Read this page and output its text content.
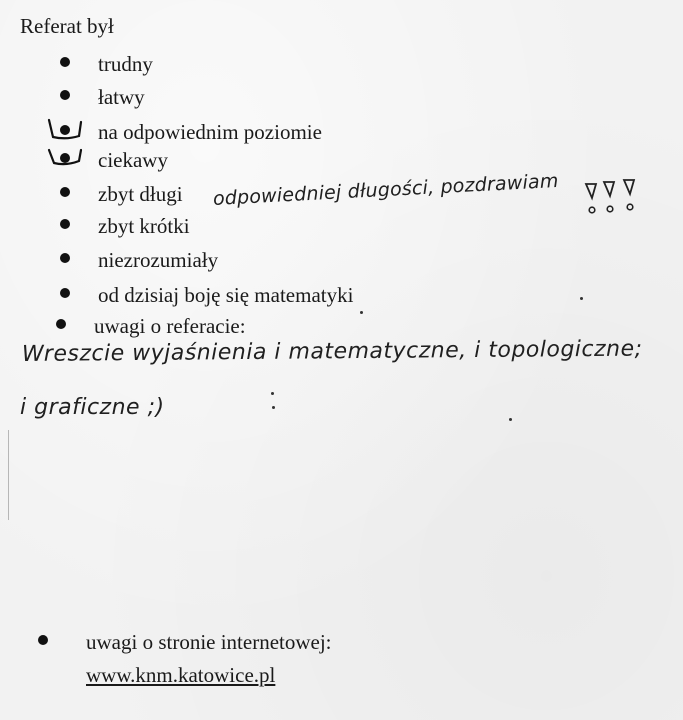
Referat był
trudny
łatwy
na odpowiednim poziomie
ciekawy
zbyt długi
zbyt krótki
niezrozumiały
od dzisiaj boję się matematyki
uwagi o referacie:
odpowiedniej długości, pozdrawiam
Wreszcie wyjaśnienia i matematyczne, i topologiczne;
i graficzne ;)
uwagi o stronie internetowej:
www.knm.katowice.pl
